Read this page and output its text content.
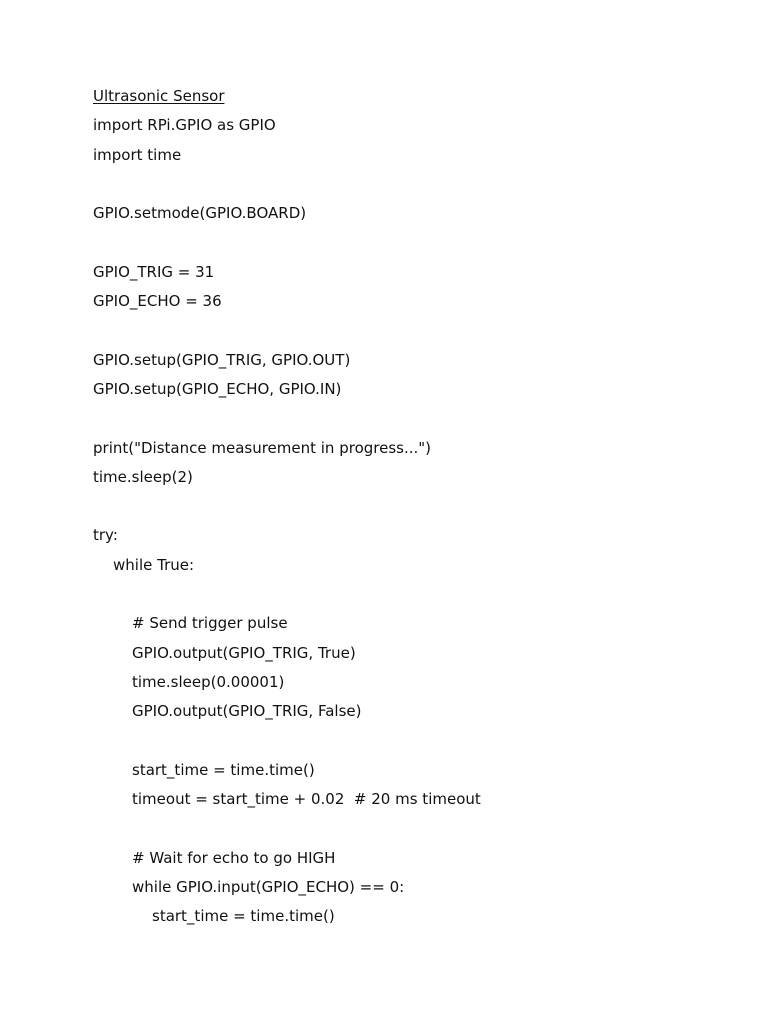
Ultrasonic Sensor
import RPi.GPIO as GPIO
import time
GPIO.setmode(GPIO.BOARD)
GPIO_TRIG = 31
GPIO_ECHO = 36
GPIO.setup(GPIO_TRIG, GPIO.OUT)
GPIO.setup(GPIO_ECHO, GPIO.IN)
print("Distance measurement in progress...")
time.sleep(2)
try:
while True:
# Send trigger pulse
GPIO.output(GPIO_TRIG, True)
time.sleep(0.00001)
GPIO.output(GPIO_TRIG, False)
start_time = time.time()
timeout = start_time + 0.02  # 20 ms timeout
# Wait for echo to go HIGH
while GPIO.input(GPIO_ECHO) == 0:
start_time = time.time()
